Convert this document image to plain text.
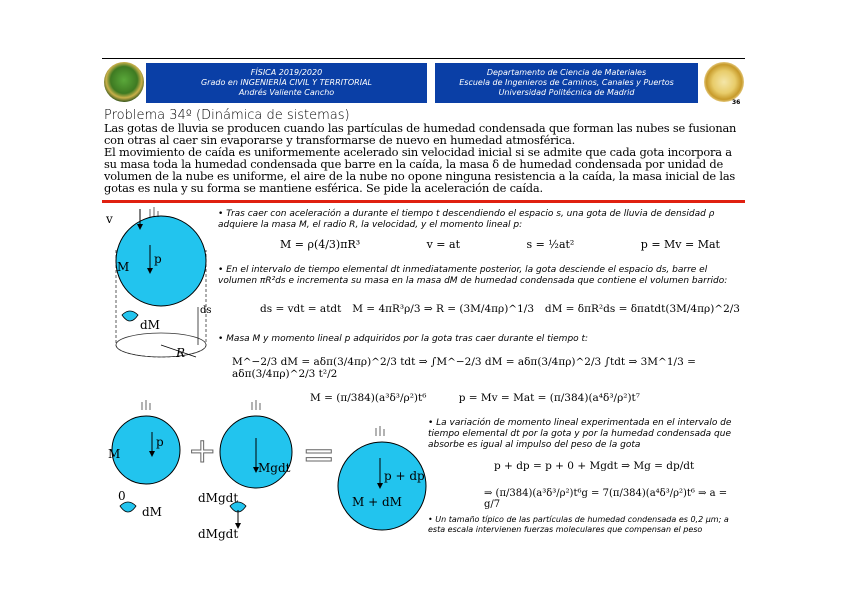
FÍSICA 2019/2020
Grado en INGENIERÍA CIVIL Y TERRITORIAL
Andrés Valiente Cancho
Departamento de Ciencia de Materiales
Escuela de Ingenieros de Caminos, Canales y Puertos
Universidad Politécnica de Madrid
36
Problema 34º (Dinámica de sistemas)

Las gotas de lluvia se producen cuando las partículas de humedad condensada que forman las nubes se fusionan con otras al caer sin evaporarse y transformarse de nuevo en humedad atmosférica.

El movimiento de caída es uniformemente acelerado sin velocidad inicial si se admite que cada gota incorpora a su masa toda la humedad condensada que barre en la caída, la masa δ de humedad condensada por unidad de volumen de la nube es uniforme, el aire de la nube no opone ninguna resistencia a la caída, la masa inicial de las gotas es nula y su forma se mantiene esférica. Se pide la aceleración de caída.

• Tras caer con aceleración a durante el tiempo t descendiendo el espacio s, una gota de lluvia de densidad ρ adquiere la masa M, el radio R, la velocidad, y el momento lineal p:
M = ρ(4/3)πR³	v = at	s = ½at²	p = Mv = Mat
• En el intervalo de tiempo elemental dt inmediatamente posterior, la gota desciende el espacio ds, barre el volumen πR²ds e incrementa su masa en la masa dM de humedad condensada que contiene el volumen barrido:
ds = vdt = atdt M = 4πR³ρ/3 ⇒ R = (3M/4πρ)^1/3 dM = δπR²ds = δπatdt(3M/4πρ)^2/3
• Masa M y momento lineal p adquiridos por la gota tras caer durante el tiempo t:
M^−2/3 dM = aδπ(3/4πρ)^2/3 tdt ⇒ ∫M^−2/3 dM = aδπ(3/4πρ)^2/3 ∫tdt ⇒ 3M^1/3 = aδπ(3/4πρ)^2/3 t²/2
M = (π/384)(a³δ³/ρ²)t⁶	p = Mv = Mat = (π/384)(a⁴δ³/ρ²)t⁷
• La variación de momento lineal experimentada en el intervalo de tiempo elemental dt por la gota y por la humedad condensada que absorbe es igual al impulso del peso de la gota
p + dp = p + 0 + Mgdt ⇒ Mg = dp/dt
⇒ (π/384)(a³δ³/ρ²)t⁶g = 7(π/384)(a⁴δ³/ρ²)t⁶ ⇒ a = g/7
• Un tamaño típico de las partículas de humedad condensada es 0,2 μm; a esta escala intervienen fuerzas moleculares que compensan el peso
v
M
p
dM
ds
R
M
p
0
dM
+	Mgdt
dMgdt
dMgdt
=	p + dp
M + dM
